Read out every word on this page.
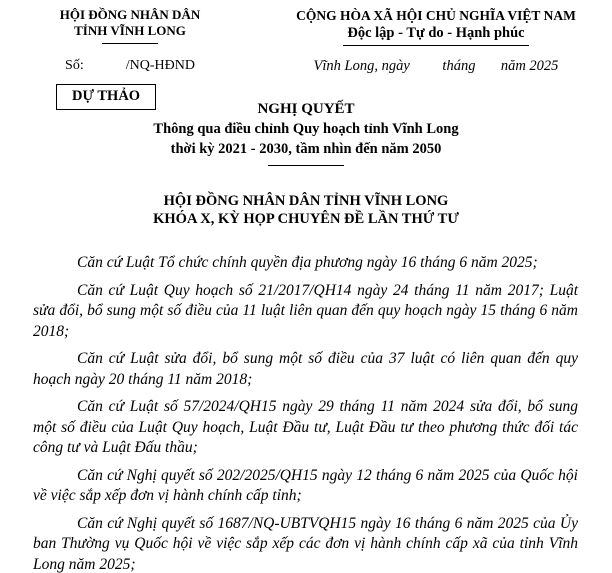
HỘI ĐỒNG NHÂN DÂN
TỈNH VĨNH LONG
CỘNG HÒA XÃ HỘI CHỦ NGHĨA VIỆT NAM
Độc lập - Tự do - Hạnh phúc
Số:            /NQ-HĐND	Vĩnh Long, ngày         tháng       năm 2025
DỰ THẢO
NGHỊ QUYẾT
Thông qua điều chỉnh Quy hoạch tỉnh Vĩnh Long
thời kỳ 2021 - 2030, tầm nhìn đến năm 2050
HỘI ĐỒNG NHÂN DÂN TỈNH VĨNH LONG
KHÓA X, KỲ HỌP CHUYÊN ĐỀ LẦN THỨ TƯ

Căn cứ Luật Tổ chức chính quyền địa phương ngày 16 tháng 6 năm 2025;

Căn cứ Luật Quy hoạch số 21/2017/QH14 ngày 24 tháng 11 năm 2017; Luật sửa đổi, bổ sung một số điều của 11 luật liên quan đến quy hoạch ngày 15 tháng 6 năm 2018;

Căn cứ Luật sửa đổi, bổ sung một số điều của 37 luật có liên quan đến quy hoạch ngày 20 tháng 11 năm 2018;

Căn cứ Luật số 57/2024/QH15 ngày 29 tháng 11 năm 2024 sửa đổi, bổ sung một số điều của Luật Quy hoạch, Luật Đầu tư, Luật Đầu tư theo phương thức đối tác công tư và Luật Đấu thầu;

Căn cứ Nghị quyết số 202/2025/QH15 ngày 12 tháng 6 năm 2025 của Quốc hội về việc sắp xếp đơn vị hành chính cấp tỉnh;

Căn cứ Nghị quyết số 1687/NQ-UBTVQH15 ngày 16 tháng 6 năm 2025 của Ủy ban Thường vụ Quốc hội về việc sắp xếp các đơn vị hành chính cấp xã của tỉnh Vĩnh Long năm 2025;
